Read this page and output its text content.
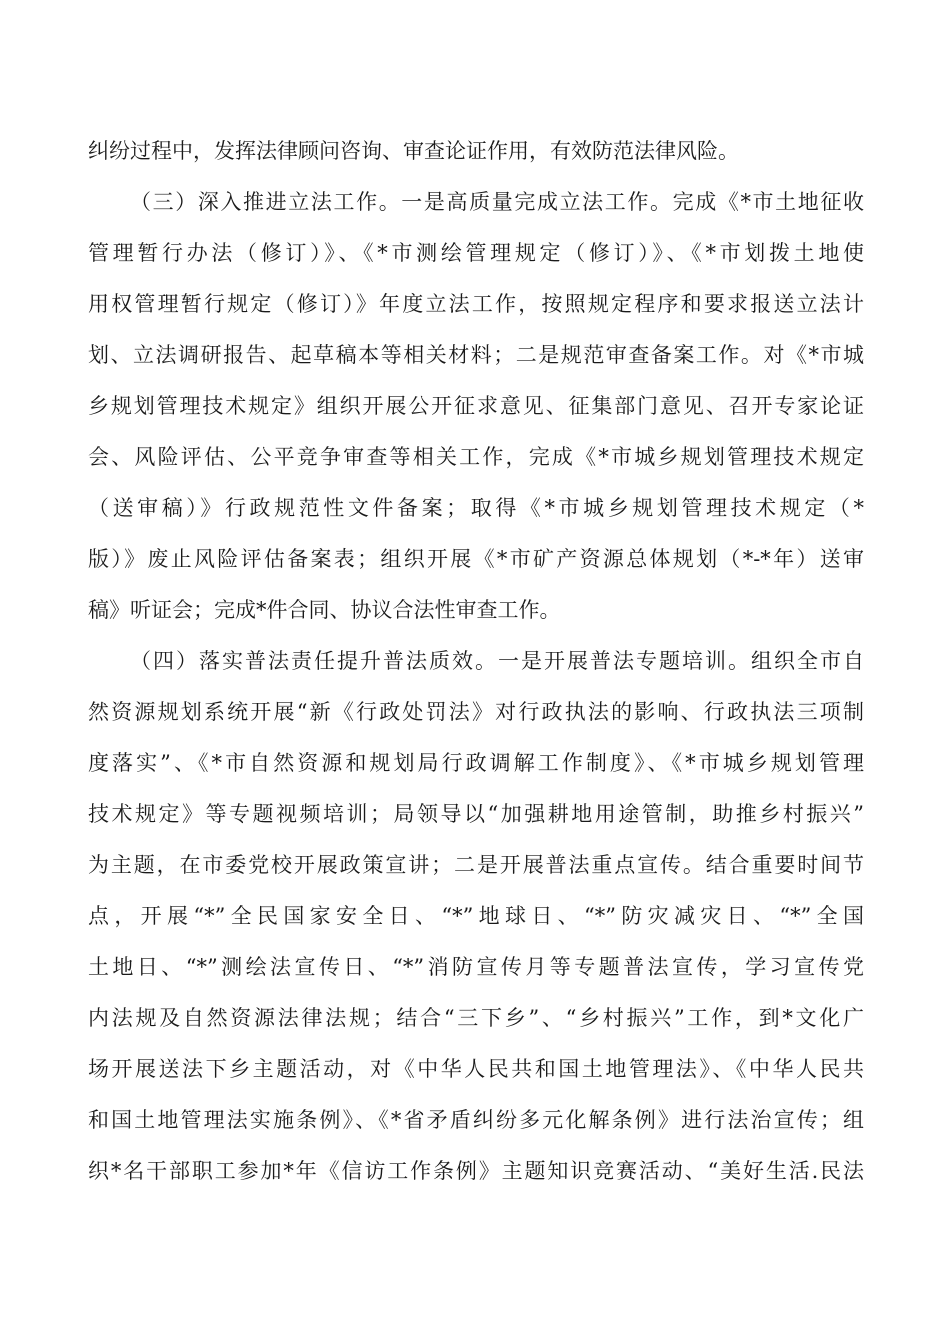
纠纷过程中，发挥法律顾问咨询、审查论证作用，有效防范法律风险。
（三）深入推进立法工作。一是高质量完成立法工作。完成《*市土地征收
管理暂行办法（修订）》、《*市测绘管理规定（修订）》、《*市划拨土地使
用权管理暂行规定（修订）》年度立法工作，按照规定程序和要求报送立法计
划、立法调研报告、起草稿本等相关材料；二是规范审查备案工作。对《*市城
乡规划管理技术规定》组织开展公开征求意见、征集部门意见、召开专家论证
会、风险评估、公平竞争审查等相关工作，完成《*市城乡规划管理技术规定
（送审稿）》行政规范性文件备案；取得《*市城乡规划管理技术规定（*
版）》废止风险评估备案表；组织开展《*市矿产资源总体规划（*-*年）送审
稿》听证会；完成*件合同、协议合法性审查工作。
（四）落实普法责任提升普法质效。一是开展普法专题培训。组织全市自
然资源规划系统开展“新《行政处罚法》对行政执法的影响、行政执法三项制
度落实”、《*市自然资源和规划局行政调解工作制度》、《*市城乡规划管理
技术规定》等专题视频培训；局领导以“加强耕地用途管制，助推乡村振兴”
为主题，在市委党校开展政策宣讲；二是开展普法重点宣传。结合重要时间节
点，开展“*”全民国家安全日、“*”地球日、“*”防灾减灾日、“*”全国
土地日、“*”测绘法宣传日、“*”消防宣传月等专题普法宣传，学习宣传党
内法规及自然资源法律法规；结合“三下乡”、“乡村振兴”工作，到*文化广
场开展送法下乡主题活动，对《中华人民共和国土地管理法》、《中华人民共
和国土地管理法实施条例》、《*省矛盾纠纷多元化解条例》进行法治宣传；组
织*名干部职工参加*年《信访工作条例》主题知识竞赛活动、“美好生活.民法
